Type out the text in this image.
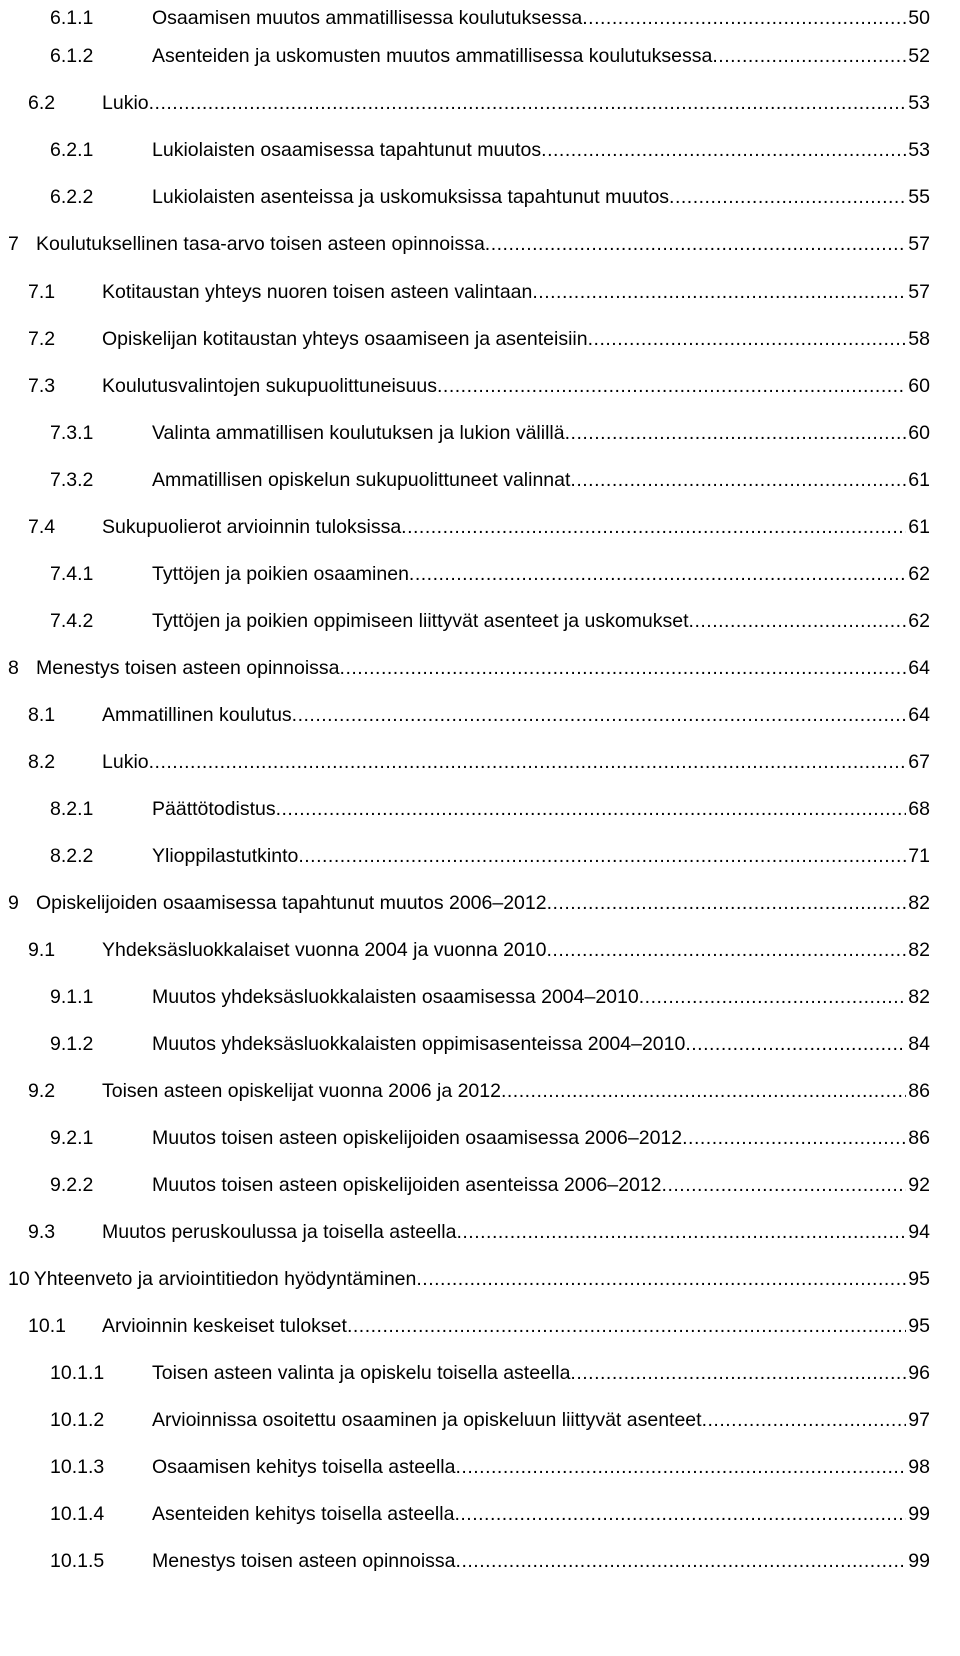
6.1.1	Osaamisen muutos ammatillisessa koulutuksessa .....	50
6.1.2	Asenteiden ja uskomusten muutos ammatillisessa koulutuksessa .....	52
6.2	Lukio .....	53
6.2.1	Lukiolaisten osaamisessa tapahtunut muutos .....	53
6.2.2	Lukiolaisten asenteissa ja uskomuksissa tapahtunut muutos .....	55
7 Koulutuksellinen tasa-arvo toisen asteen opinnoissa .....	57
7.1	Kotitaustan yhteys nuoren toisen asteen valintaan .....	57
7.2	Opiskelijan kotitaustan yhteys osaamiseen ja asenteisiin .....	58
7.3	Koulutusvalintojen sukupuolittuneisuus .....	60
7.3.1	Valinta ammatillisen koulutuksen ja lukion välillä .....	60
7.3.2	Ammatillisen opiskelun sukupuolittuneet valinnat .....	61
7.4	Sukupuolierot arvioinnin tuloksissa .....	61
7.4.1	Tyttöjen ja poikien osaaminen .....	62
7.4.2	Tyttöjen ja poikien oppimiseen liittyvät asenteet ja uskomukset .....	62
8 Menestys toisen asteen opinnoissa .....	64
8.1	Ammatillinen koulutus .....	64
8.2	Lukio .....	67
8.2.1	Päättötodistus .....	68
8.2.2	Ylioppilastutkinto .....	71
9 Opiskelijoiden osaamisessa tapahtunut muutos 2006–2012 .....	82
9.1	Yhdeksäsluokkalaiset vuonna 2004 ja vuonna 2010 .....	82
9.1.1	Muutos yhdeksäsluokkalaisten osaamisessa 2004–2010 .....	82
9.1.2	Muutos yhdeksäsluokkalaisten oppimisasenteissa 2004–2010 .....	84
9.2	Toisen asteen opiskelijat vuonna 2006 ja 2012 .....	86
9.2.1	Muutos toisen asteen opiskelijoiden osaamisessa 2006–2012 .....	86
9.2.2	Muutos toisen asteen opiskelijoiden asenteissa 2006–2012 .....	92
9.3	Muutos peruskoulussa ja toisella asteella .....	94
10 Yhteenveto ja arviointitiedon hyödyntäminen .....	95
10.1	Arvioinnin keskeiset tulokset .....	95
10.1.1	Toisen asteen valinta ja opiskelu toisella asteella .....	96
10.1.2	Arvioinnissa osoitettu osaaminen ja opiskeluun liittyvät asenteet .....	97
10.1.3	Osaamisen kehitys toisella asteella .....	98
10.1.4	Asenteiden kehitys toisella asteella .....	99
10.1.5	Menestys toisen asteen opinnoissa .....	99
